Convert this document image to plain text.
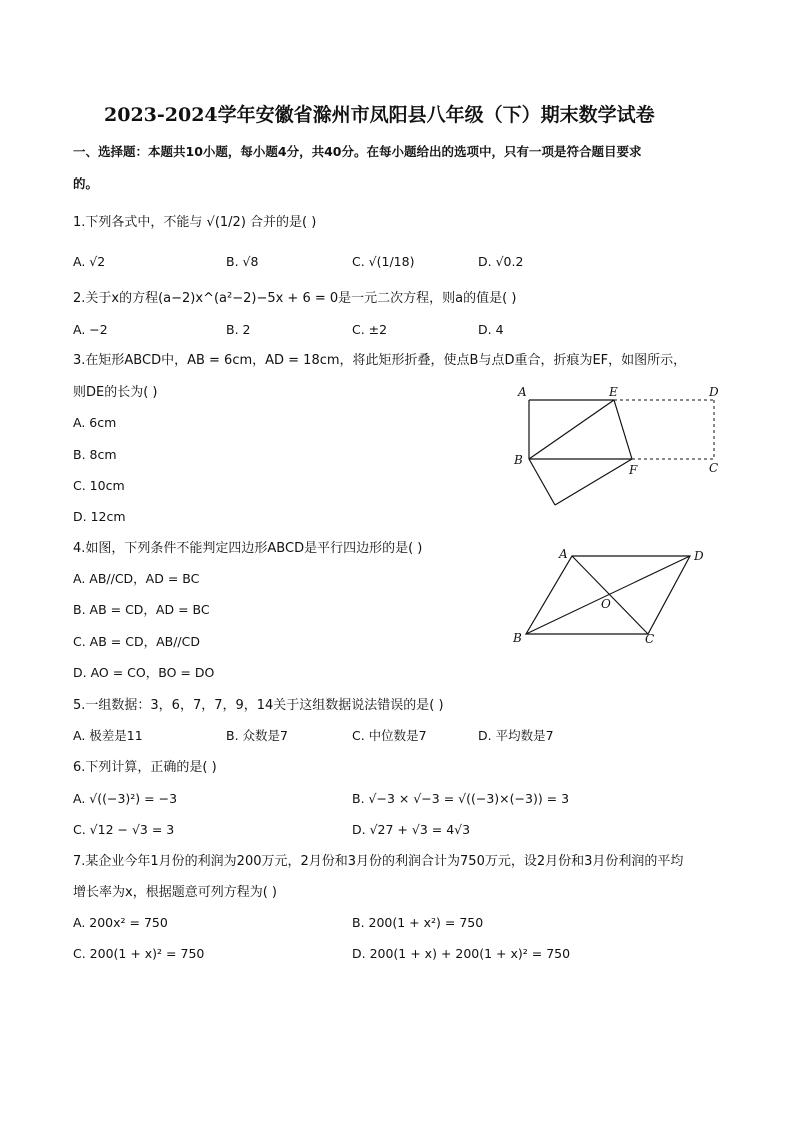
2023-2024学年安徽省滁州市凤阳县八年级（下）期末数学试卷
一、选择题：本题共10小题，每小题4分，共40分。在每小题给出的选项中，只有一项是符合题目要求
的。
1.下列各式中，不能与 √(1/2) 合并的是( )
A. √2	B. √8	C. √(1/18)	D. √0.2
2.关于x的方程(a−2)x^(a²−2)−5x + 6 = 0是一元二次方程，则a的值是( )
A. −2	B. 2	C. ±2	D. 4
3.在矩形ABCD中，AB = 6cm，AD = 18cm，将此矩形折叠，使点B与点D重合，折痕为EF，如图所示，
则DE的长为( )
A. 6cm
B. 8cm
C. 10cm
D. 12cm
A	E	D
B
F	C
4.如图，下列条件不能判定四边形ABCD是平行四边形的是( )
A. AB//CD，AD = BC
B. AB = CD，AD = BC
C. AB = CD，AB//CD
D. AO = CO，BO = DO
A	D
O
B	C
5.一组数据：3，6，7，7，9，14关于这组数据说法错误的是( )
A. 极差是11	B. 众数是7	C. 中位数是7	D. 平均数是7
6.下列计算，正确的是( )
A. √((−3)²) = −3	B. √−3 × √−3 = √((−3)×(−3)) = 3
C. √12 − √3 = 3	D. √27 + √3 = 4√3
7.某企业今年1月份的利润为200万元，2月份和3月份的利润合计为750万元，设2月份和3月份利润的平均
增长率为x，根据题意可列方程为( )
A. 200x² = 750	B. 200(1 + x²) = 750
C. 200(1 + x)² = 750	D. 200(1 + x) + 200(1 + x)² = 750
